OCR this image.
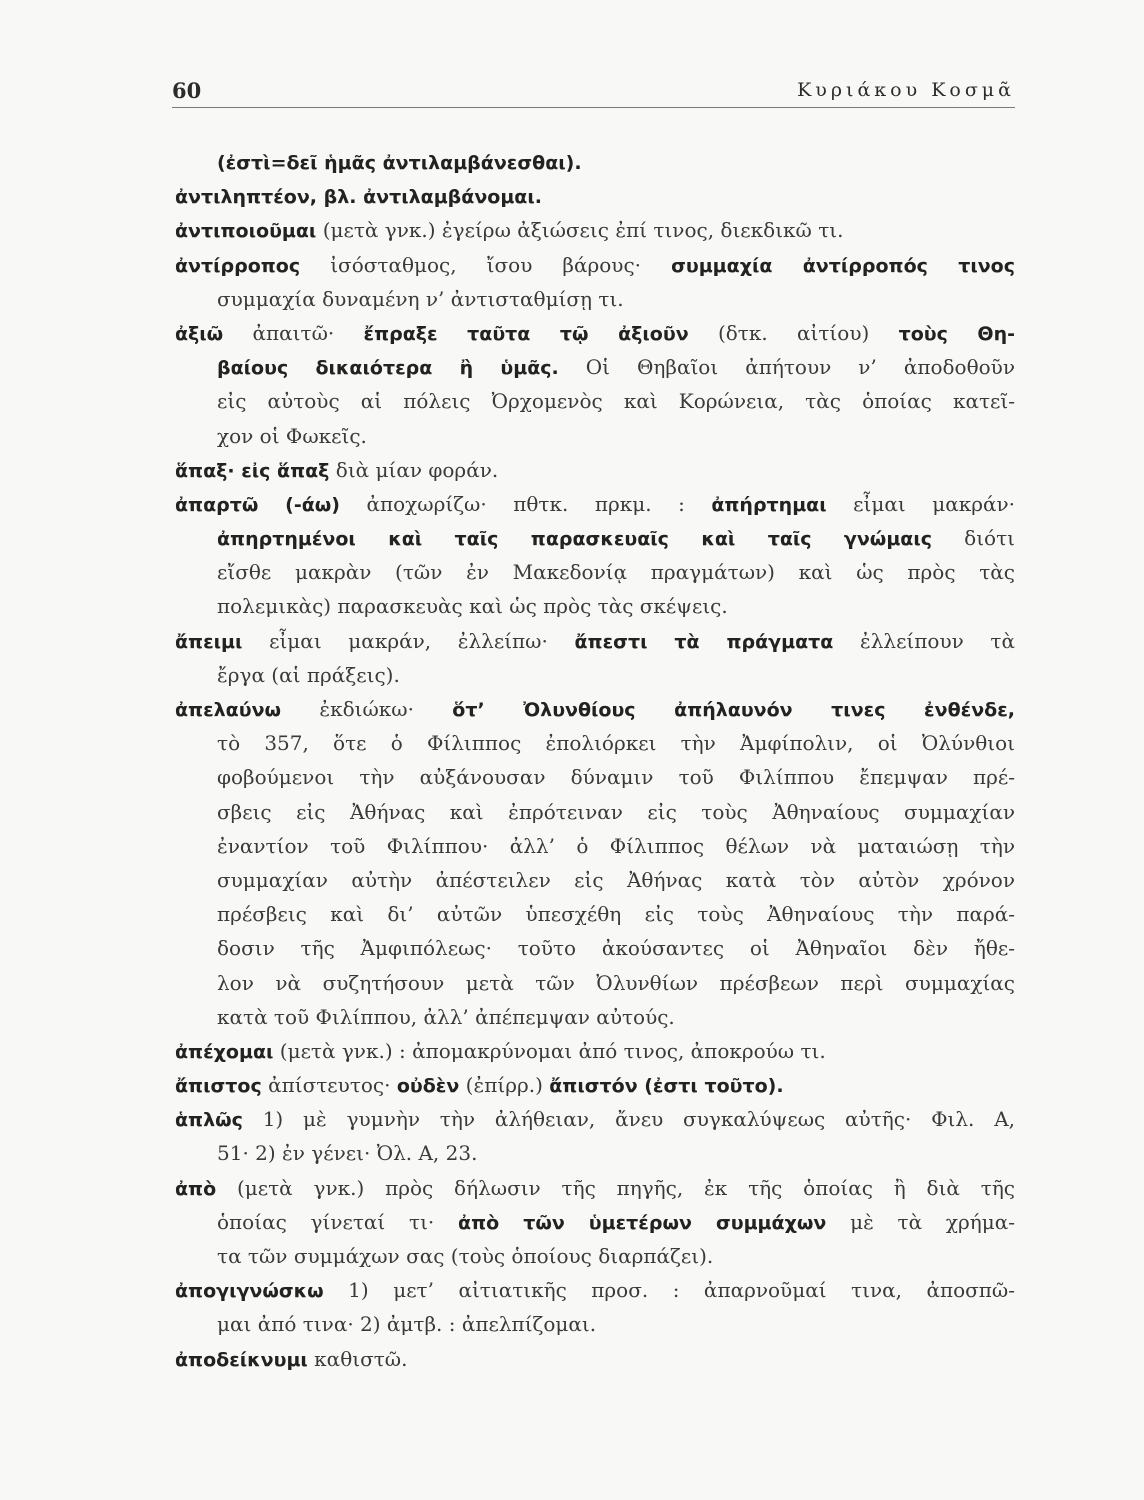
60	Κυριάκου Κοσμᾶ
(ἐστὶ=δεῖ ἡμᾶς ἀντιλαμβάνεσθαι).
ἀντιληπτέον, βλ. ἀντιλαμβάνομαι.
ἀντιποιοῦμαι (μετὰ γνκ.) ἐγείρω ἀξιώσεις ἐπί τινος, διεκδικῶ τι.
ἀντίρροπος ἰσόσταθμος, ἴσου βάρους· συμμαχία ἀντίρροπός τινος
συμμαχία δυναμένη ν’ ἀντισταθμίσῃ τι.
ἀξιῶ ἀπαιτῶ· ἔπραξε ταῦτα τῷ ἀξιοῦν (δτκ. αἰτίου) τοὺς Θη-
βαίους δικαιότερα ἢ ὑμᾶς. Οἱ Θηβαῖοι ἀπήτουν ν’ ἀποδοθοῦν
εἰς αὐτοὺς αἱ πόλεις Ὀρχομενὸς καὶ Κορώνεια, τὰς ὁποίας κατεῖ-
χον οἱ Φωκεῖς.
ἅπαξ· εἰς ἅπαξ διὰ μίαν φοράν.
ἀπαρτῶ (-άω) ἀποχωρίζω· πθτκ. πρκμ. : ἀπήρτημαι εἶμαι μακράν·
ἀπηρτημένοι καὶ ταῖς παρασκευαῖς καὶ ταῖς γνώμαις διότι
εἴσθε μακρὰν (τῶν ἐν Μακεδονίᾳ πραγμάτων) καὶ ὡς πρὸς τὰς
πολεμικὰς) παρασκευὰς καὶ ὡς πρὸς τὰς σκέψεις.
ἄπειμι εἶμαι μακράν, ἐλλείπω· ἄπεστι τὰ πράγματα ἐλλείπουν τὰ
ἔργα (αἱ πράξεις).
ἀπελαύνω ἐκδιώκω· ὅτ’ Ὀλυνθίους ἀπήλαυνόν τινες ἐνθένδε,
τὸ 357, ὅτε ὁ Φίλιππος ἐπολιόρκει τὴν Ἀμφίπολιν, οἱ Ὀλύνθιοι
φοβούμενοι τὴν αὐξάνουσαν δύναμιν τοῦ Φιλίππου ἔπεμψαν πρέ-
σβεις εἰς Ἀθήνας καὶ ἐπρότειναν εἰς τοὺς Ἀθηναίους συμμαχίαν
ἐναντίον τοῦ Φιλίππου· ἀλλ’ ὁ Φίλιππος θέλων νὰ ματαιώσῃ τὴν
συμμαχίαν αὐτὴν ἀπέστειλεν εἰς Ἀθήνας κατὰ τὸν αὐτὸν χρόνον
πρέσβεις καὶ δι’ αὐτῶν ὑπεσχέθη εἰς τοὺς Ἀθηναίους τὴν παρά-
δοσιν τῆς Ἀμφιπόλεως· τοῦτο ἀκούσαντες οἱ Ἀθηναῖοι δὲν ἤθε-
λον νὰ συζητήσουν μετὰ τῶν Ὀλυνθίων πρέσβεων περὶ συμμαχίας
κατὰ τοῦ Φιλίππου, ἀλλ’ ἀπέπεμψαν αὐτούς.
ἀπέχομαι (μετὰ γνκ.) : ἀπομακρύνομαι ἀπό τινος, ἀποκρούω τι.
ἄπιστος ἀπίστευτος· οὐδὲν (ἐπίρρ.) ἄπιστόν (ἐστι τοῦτο).
ἁπλῶς 1) μὲ γυμνὴν τὴν ἀλήθειαν, ἄνευ συγκαλύψεως αὐτῆς· Φιλ. Α,
51· 2) ἐν γένει· Ὀλ. Α, 23.
ἀπὸ (μετὰ γνκ.) πρὸς δήλωσιν τῆς πηγῆς, ἐκ τῆς ὁποίας ἢ διὰ τῆς
ὁποίας γίνεταί τι· ἀπὸ τῶν ὑμετέρων συμμάχων μὲ τὰ χρήμα-
τα τῶν συμμάχων σας (τοὺς ὁποίους διαρπάζει).
ἀπογιγνώσκω 1) μετ’ αἰτιατικῆς προσ. : ἀπαρνοῦμαί τινα, ἀποσπῶ-
μαι ἀπό τινα· 2) ἀμτβ. : ἀπελπίζομαι.
ἀποδείκνυμι καθιστῶ.
